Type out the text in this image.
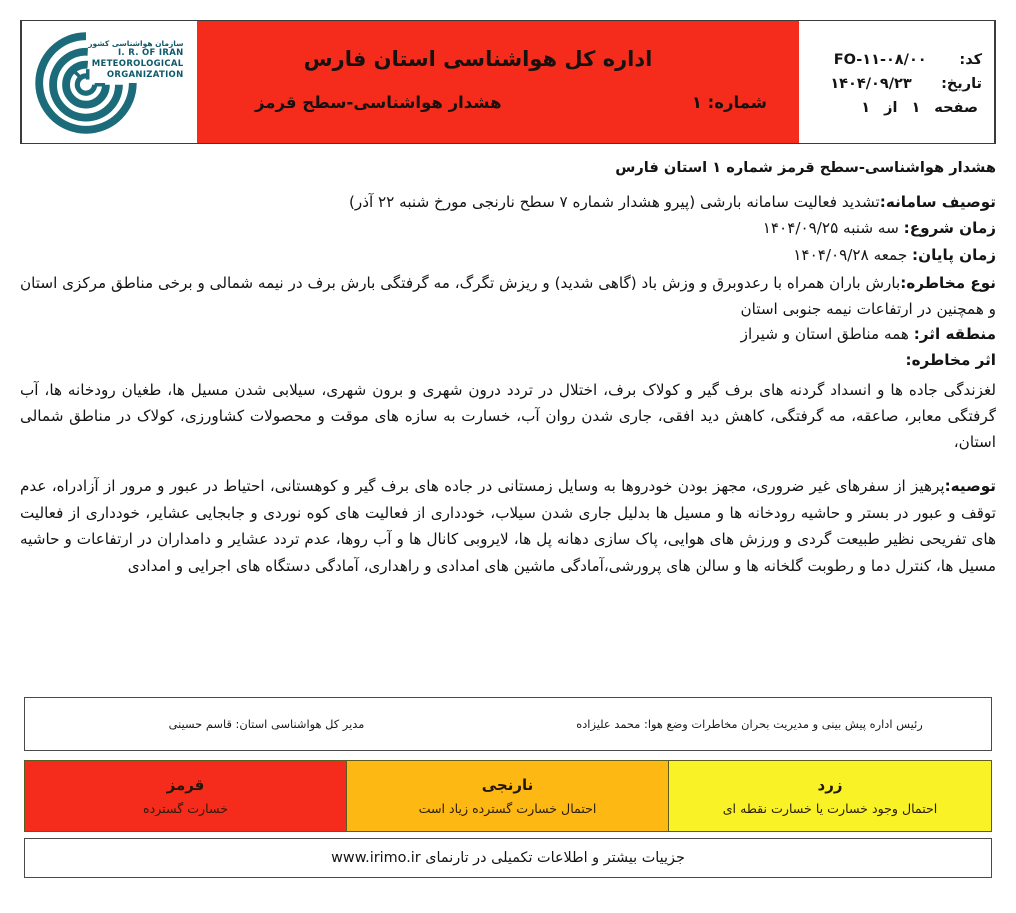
کد:
FO-۱۱-۰۸/۰۰
تاریخ:
۱۴۰۴/۰۹/۲۳
صفحه
۱
از
۱
اداره کل هواشناسی استان فارس
شماره: ۱
هشدار هواشناسی-سطح قرمز
سازمان هواشناسی کشور
I. R. OF IRAN
METEOROLOGICAL
ORGANIZATION
هشدار هواشناسی-سطح قرمز شماره ۱ استان فارس
توصیف سامانه:تشدید فعالیت سامانه بارشی (پیرو هشدار شماره ۷ سطح نارنجی مورخ شنبه ۲۲ آذر)
زمان شروع: سه شنبه ۱۴۰۴/۰۹/۲۵
زمان پایان: جمعه ۱۴۰۴/۰۹/۲۸
نوع مخاطره:بارش باران همراه با رعدوبرق و وزش باد (گاهی شدید) و ریزش تگرگ، مه گرفتگی بارش برف در نیمه شمالی و برخی مناطق مرکزی استان و همچنین در ارتفاعات نیمه جنوبی استان
منطقه اثر: همه مناطق استان و شیراز
اثر مخاطره:
لغزندگی جاده ها و انسداد گردنه های برف گیر و کولاک برف، اختلال در تردد درون شهری و برون شهری، سیلابی شدن مسیل ها، طغیان رودخانه ها، آب گرفتگی معابر، صاعقه، مه گرفتگی، کاهش دید افقی، جاری شدن روان آب، خسارت به سازه های موقت و محصولات کشاورزی، کولاک در مناطق شمالی استان،
توصیه:پرهیز از سفرهای غیر ضروری، مجهز بودن خودروها به وسایل زمستانی در جاده های برف گیر و کوهستانی، احتیاط در عبور و مرور از آزادراه، عدم توقف و عبور در بستر و حاشیه رودخانه ها و مسیل ها بدلیل جاری شدن سیلاب، خودداری از فعالیت های کوه نوردی و جابجایی عشایر، خودداری از فعالیت های تفریحی نظیر طبیعت گردی و ورزش های هوایی، پاک سازی دهانه پل ها، لایروبی کانال ها و آب روها، عدم تردد عشایر و دامداران در ارتفاعات و حاشیه مسیل ها، کنترل دما و رطوبت گلخانه ها و سالن های پرورشی،آمادگی ماشین های امدادی و راهداری، آمادگی دستگاه های اجرایی و امدادی
رئیس اداره پیش بینی و مدیریت بحران مخاطرات وضع هوا: محمد علیزاده
مدیر کل هواشناسی استان: قاسم حسینی
زرد
احتمال وجود خسارت یا خسارت نقطه ای
نارنجی
احتمال خسارت گسترده زیاد است
قرمز
خسارت گسترده
جزییات بیشتر و اطلاعات تکمیلی در تارنمای www.irimo.ir
